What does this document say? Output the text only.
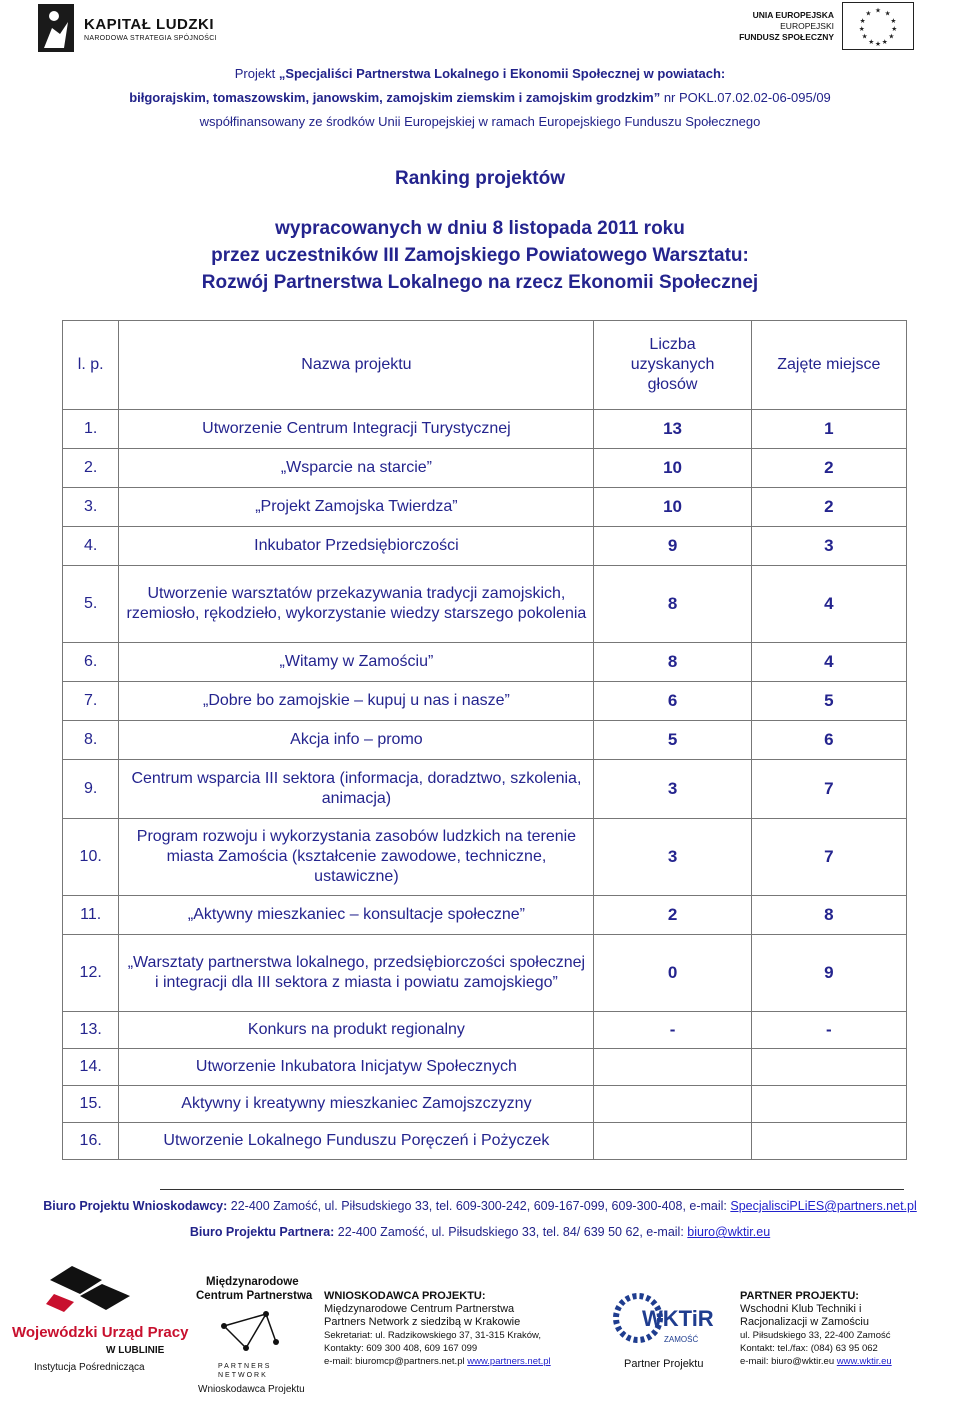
KAPITAŁ LUDZKI
NARODOWA STRATEGIA SPÓJNOŚCI
UNIA EUROPEJSKA
EUROPEJSKI
FUNDUSZ SPOŁECZNY
★ ★
★
★
★
★
★
★
★
★
★
★
Projekt „Specjaliści Partnerstwa Lokalnego i Ekonomii Społecznej w powiatach:
biłgorajskim, tomaszowskim, janowskim, zamojskim ziemskim i zamojskim grodzkim” nr POKL.07.02.02-06-095/09
współfinansowany ze środków Unii Europejskiej w ramach Europejskiego Funduszu Społecznego
Ranking projektów
wypracowanych w dniu 8 listopada 2011 roku
przez uczestników III Zamojskiego Powiatowego Warsztatu:
Rozwój Partnerstwa Lokalnego na rzecz Ekonomii Społecznej
l. p.	Nazwa projektu	Liczba uzyskanych głosów	Zajęte miejsce
1.	Utworzenie Centrum Integracji Turystycznej	13	1
2.	„Wsparcie na starcie”	10	2
3.	„Projekt Zamojska Twierdza”	10	2
4.	Inkubator Przedsiębiorczości	9	3
5.	Utworzenie warsztatów przekazywania tradycji zamojskich, rzemiosło, rękodzieło, wykorzystanie wiedzy starszego pokolenia	8	4
6.	„Witamy w Zamościu”	8	4
7.	„Dobre bo zamojskie – kupuj u nas i nasze”	6	5
8.	Akcja info – promo	5	6
9.	Centrum wsparcia III sektora (informacja, doradztwo, szkolenia, animacja)	3	7
10.	Program rozwoju i wykorzystania zasobów ludzkich na terenie miasta Zamościa (kształcenie zawodowe, techniczne, ustawiczne)	3	7
11.	„Aktywny mieszkaniec – konsultacje społeczne”	2	8
12.	„Warsztaty partnerstwa lokalnego, przedsiębiorczości społecznej i integracji dla III sektora z miasta i powiatu zamojskiego”	0	9
13.	Konkurs na produkt regionalny	-	-
14.	Utworzenie Inkubatora Inicjatyw Społecznych		
15.	Aktywny i kreatywny mieszkaniec Zamojszczyzny		
16.	Utworzenie Lokalnego Funduszu Poręczeń i Pożyczek		
Biuro Projektu Wnioskodawcy: 22-400 Zamość, ul. Piłsudskiego 33, tel. 609-300-242, 609-167-099, 609-300-408, e-mail: SpecjalisciPLiES@partners.net.pl
Biuro Projektu Partnera: 22-400 Zamość, ul. Piłsudskiego 33, tel. 84/ 639 50 62, e-mail: biuro@wktir.eu
Wojewódzki Urząd Pracy
W LUBLINIE
Instytucja Pośrednicząca
Międzynarodowe
Centrum Partnerstwa
PARTNERS NETWORK
Wnioskodawca Projektu
WNIOSKODAWCA PROJEKTU:
Międzynarodowe Centrum Partnerstwa
Partners Network z siedzibą w Krakowie
Sekretariat: ul. Radzikowskiego 37, 31-315 Kraków,
Kontakty: 609 300 408, 609 167 099
e-mail: biuromcp@partners.net.pl www.partners.net.pl
WKTiR
ZAMOŚĆ
Partner Projektu
PARTNER PROJEKTU:
Wschodni Klub Techniki i
Racjonalizacji w Zamościu
ul. Piłsudskiego 33, 22-400 Zamość
Kontakt: tel./fax: (084) 63 95 062
e-mail: biuro@wktir.eu www.wktir.eu
